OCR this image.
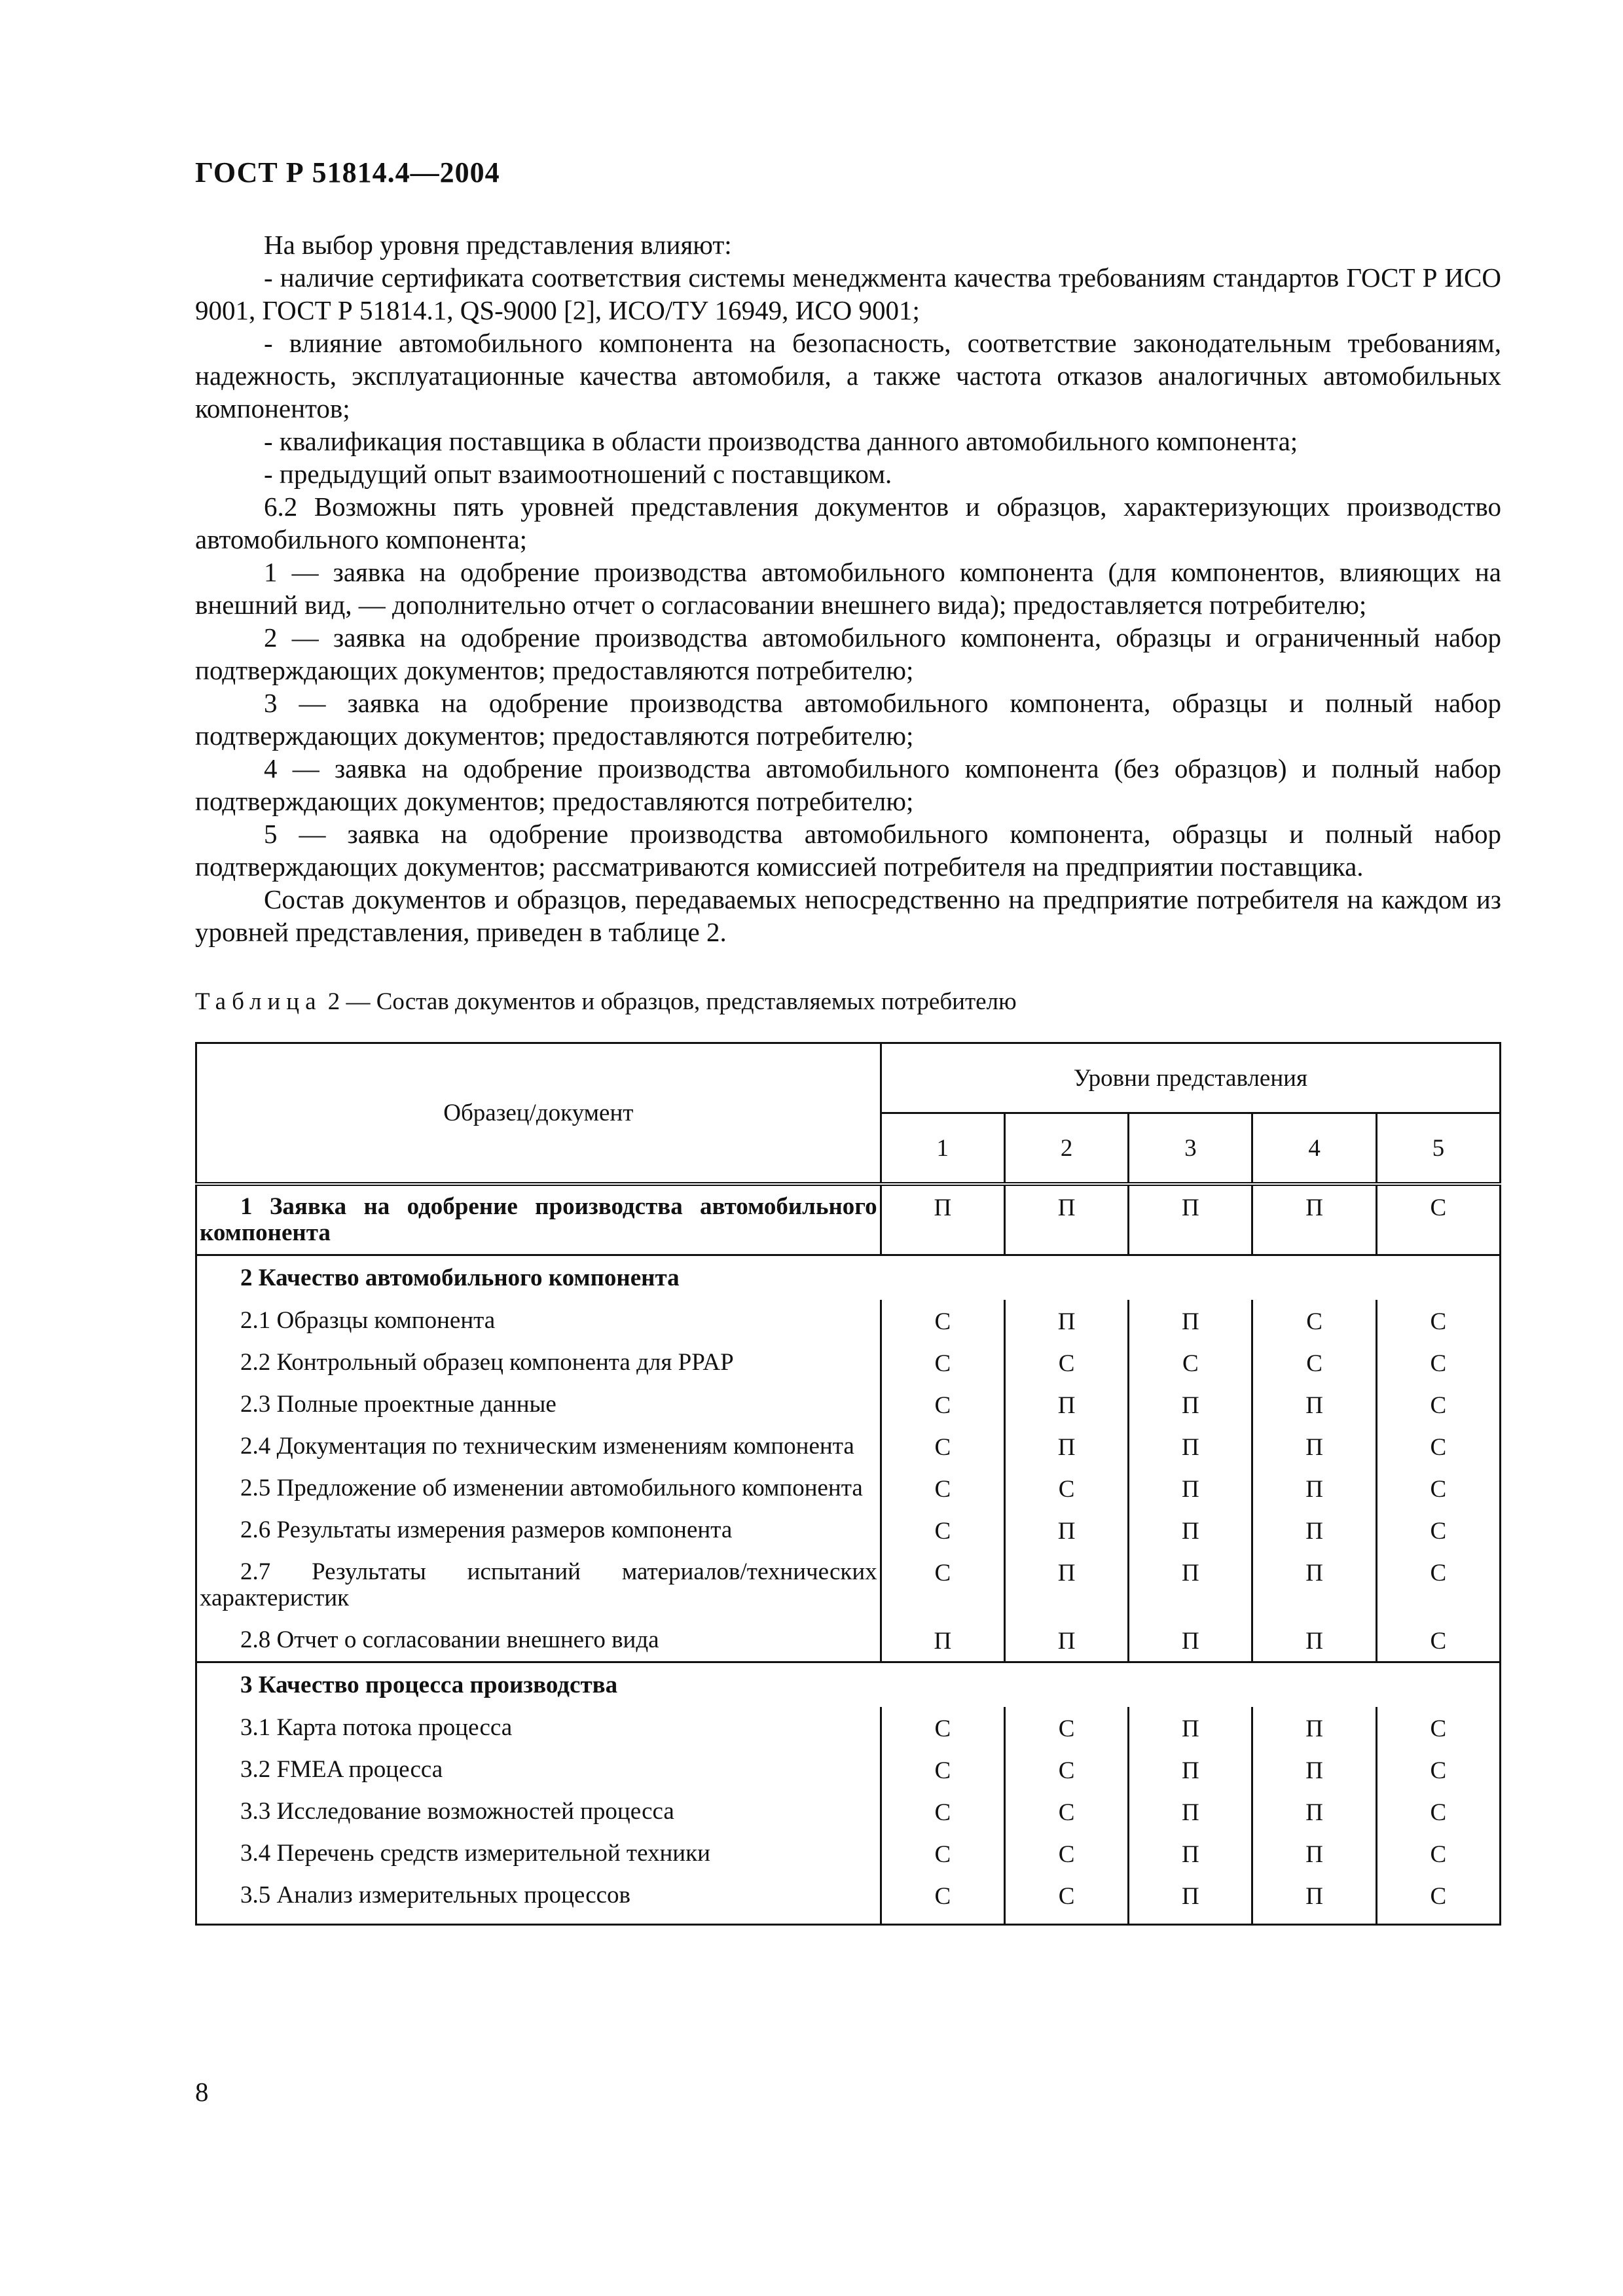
ГОСТ Р 51814.4—2004

На выбор уровня представления влияют:

- наличие сертификата соответствия системы менеджмента качества требованиям стандартов ГОСТ Р ИСО 9001, ГОСТ Р 51814.1, QS-9000 [2], ИСО/ТУ 16949, ИСО 9001;

- влияние автомобильного компонента на безопасность, соответствие законодательным требованиям, надежность, эксплуатационные качества автомобиля, а также частота отказов аналогичных автомобильных компонентов;

- квалификация поставщика в области производства данного автомобильного компонента;

- предыдущий опыт взаимоотношений с поставщиком.

6.2 Возможны пять уровней представления документов и образцов, характеризующих производство автомобильного компонента;

1 — заявка на одобрение производства автомобильного компонента (для компонентов, влияющих на внешний вид, — дополнительно отчет о согласовании внешнего вида); предоставляется потребителю;

2 — заявка на одобрение производства автомобильного компонента, образцы и ограниченный набор подтверждающих документов; предоставляются потребителю;

3 — заявка на одобрение производства автомобильного компонента, образцы и полный набор подтверждающих документов; предоставляются потребителю;

4 — заявка на одобрение производства автомобильного компонента (без образцов) и полный набор подтверждающих документов; предоставляются потребителю;

5 — заявка на одобрение производства автомобильного компонента, образцы и полный набор подтверждающих документов; рассматриваются комиссией потребителя на предприятии поставщика.

Состав документов и образцов, передаваемых непосредственно на предприятие потребителя на каждом из уровней представления, приведен в таблице 2.

Таблица 2 — Состав документов и образцов, представляемых потребителю
Образец/документ	Уровни представления				
	1	2	3	4	5
1 Заявка на одобрение производства автомобильного компонента	П	П	П	П	С
2 Качество автомобильного компонента					
2.1 Образцы компонента	С	П	П	С	С
2.2 Контрольный образец компонента для PPAP	С	С	С	С	С
2.3 Полные проектные данные	С	П	П	П	С
2.4 Документация по техническим изменениям компонента	С	П	П	П	С
2.5 Предложение об изменении автомобильного компонента	С	С	П	П	С
2.6 Результаты измерения размеров компонента	С	П	П	П	С
2.7 Результаты испытаний материалов/технических характеристик	С	П	П	П	С
2.8 Отчет о согласовании внешнего вида	П	П	П	П	С
3 Качество процесса производства					
3.1 Карта потока процесса	С	С	П	П	С
3.2 FMEA процесса	С	С	П	П	С
3.3 Исследование возможностей процесса	С	С	П	П	С
3.4 Перечень средств измерительной техники	С	С	П	П	С
3.5 Анализ измерительных процессов	С	С	П	П	С
8
